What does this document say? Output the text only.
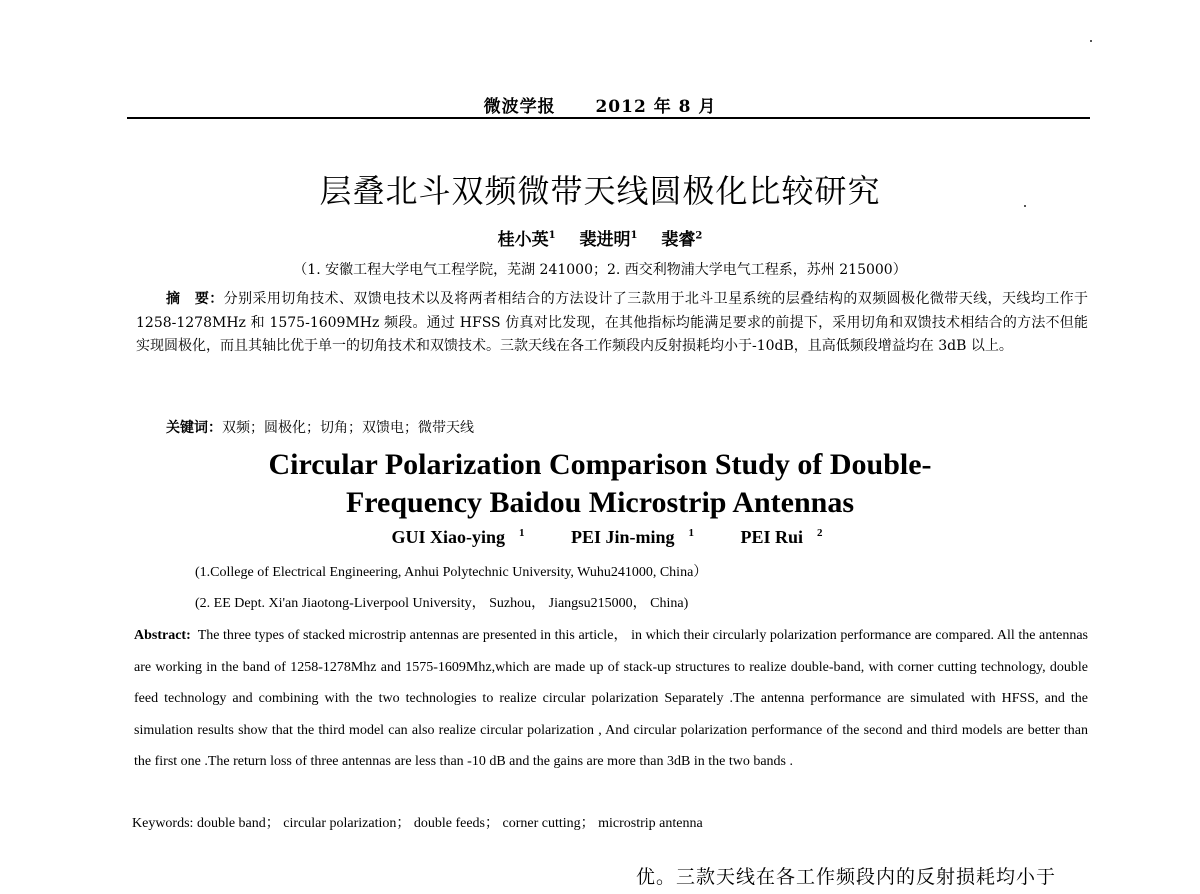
微波学报 2012 年 8 月
层叠北斗双频微带天线圆极化比较研究
桂小英$^1$ 裴进明$^1$ 裴睿$^2$
（1. 安徽工程大学电气工程学院，芜湖 241000；2. 西交利物浦大学电气工程系，苏州 215000）
摘　要：分别采用切角技术、双馈电技术以及将两者相结合的方法设计了三款用于北斗卫星系统的层叠结构的双频圆极化微带天线，天线均工作于 1258-1278MHz 和 1575-1609MHz 频段。通过 HFSS 仿真对比发现，在其他指标均能满足要求的前提下，采用切角和双馈技术相结合的方法不但能实现圆极化，而且其轴比优于单一的切角技术和双馈技术。三款天线在各工作频段内反射损耗均小于-10dB，且高低频段增益均在 3dB 以上。
关键词：双频；圆极化；切角；双馈电；微带天线
Circular Polarization Comparison Study of Double-
Frequency Baidou Microstrip Antennas
GUI Xiao-ying $^1$	PEI Jin-ming $^1$	PEI Rui $^2$
(1.College of Electrical Engineering, Anhui Polytechnic University, Wuhu241000, China）
(2. EE Dept. Xi'an Jiaotong-Liverpool University， Suzhou， Jiangsu215000， China)
Abstract: The three types of stacked microstrip antennas are presented in this article， in which their circularly polarization performance are compared. All the antennas are working in the band of 1258-1278Mhz and 1575-1609Mhz,which are made up of stack-up structures to realize double-band, with corner cutting technology, double feed technology and combining with the two technologies to realize circular polarization Separately .The antenna performance are simulated with HFSS, and the simulation results show that the third model can also realize circular polarization , And circular polarization performance of the second and third models are better than the first one .The return loss of three antennas are less than -10 dB and the gains are more than 3dB in the two bands .
Keywords: double band； circular polarization； double feeds； corner cutting； microstrip antenna
优。三款天线在各工作频段内的反射损耗均小于
